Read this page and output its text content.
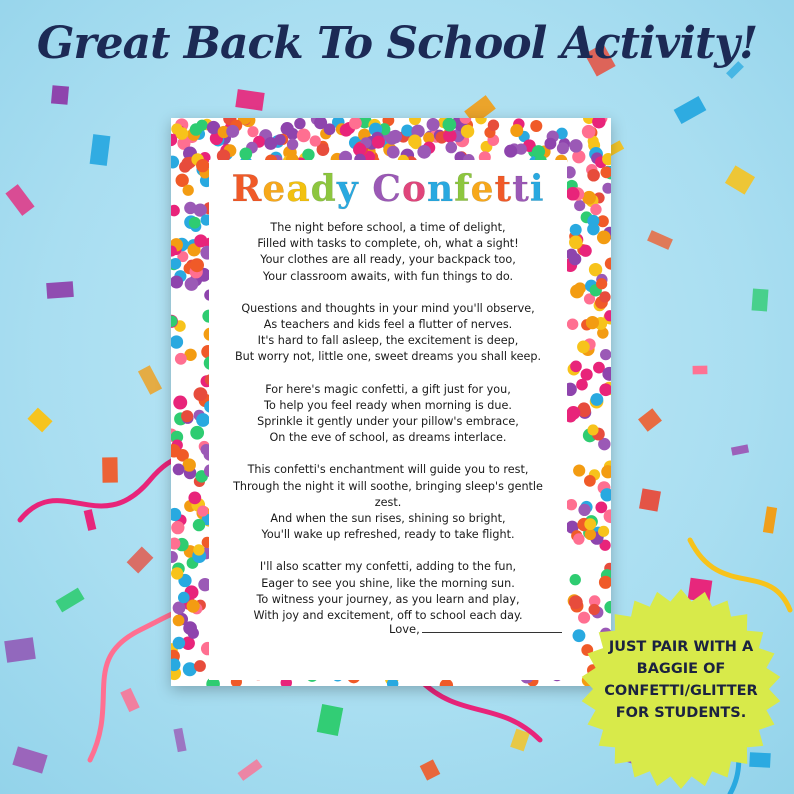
Great Back To School Activity!
Ready Confetti
The night before school, a time of delight,
Filled with tasks to complete, oh, what a sight!
Your clothes are all ready, your backpack too,
Your classroom awaits, with fun things to do.
Questions and thoughts in your mind you'll observe,
As teachers and kids feel a flutter of nerves.
It's hard to fall asleep, the excitement is deep,
But worry not, little one, sweet dreams you shall keep.
For here's magic confetti, a gift just for you,
To help you feel ready when morning is due.
Sprinkle it gently under your pillow's embrace,
On the eve of school, as dreams interlace.
This confetti's enchantment will guide you to rest,
Through the night it will soothe, bringing sleep's gentle
zest.
And when the sun rises, shining so bright,
You'll wake up refreshed, ready to take flight.
I'll also scatter my confetti, adding to the fun,
Eager to see you shine, like the morning sun.
To witness your journey, as you learn and play,
With joy and excitement, off to school each day.
Love,
JUST PAIR WITH A
BAGGIE OF
CONFETTI/GLITTER
FOR STUDENTS.
